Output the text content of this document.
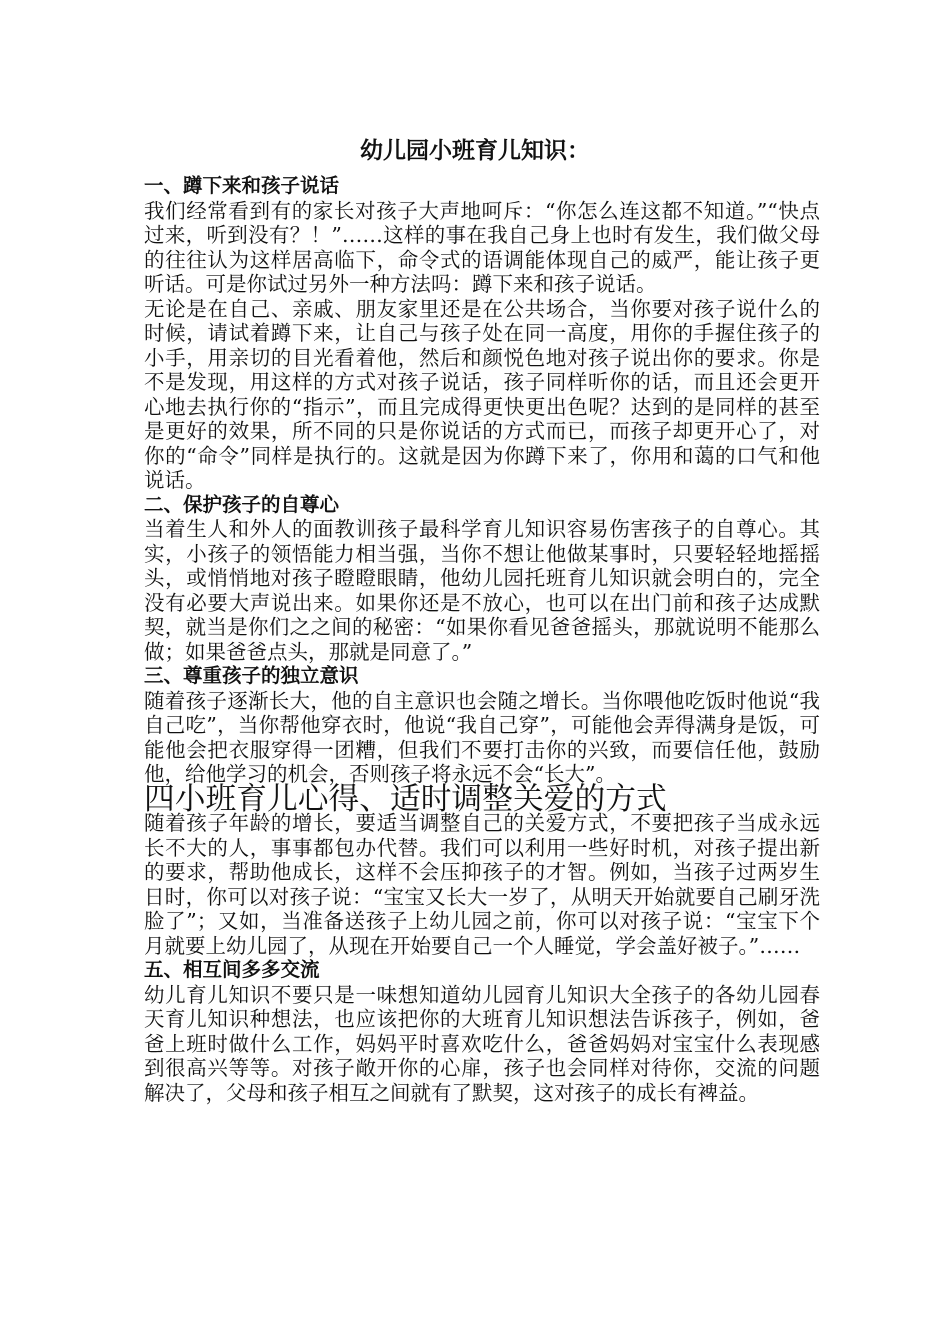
幼儿园小班育儿知识：
一、蹲下来和孩子说话

我们经常看到有的家长对孩子大声地呵斥：“你怎么连这都不知道。”“快点过来，听到没有？！”……这样的事在我自己身上也时有发生，我们做父母的往往认为这样居高临下，命令式的语调能体现自己的威严，能让孩子更听话。可是你试过另外一种方法吗：蹲下来和孩子说话。

无论是在自己、亲戚、朋友家里还是在公共场合，当你要对孩子说什么的时候，请试着蹲下来，让自己与孩子处在同一高度，用你的手握住孩子的小手，用亲切的目光看着他，然后和颜悦色地对孩子说出你的要求。你是不是发现，用这样的方式对孩子说话，孩子同样听你的话，而且还会更开心地去执行你的“指示”，而且完成得更快更出色呢？达到的是同样的甚至是更好的效果，所不同的只是你说话的方式而已，而孩子却更开心了，对你的“命令”同样是执行的。这就是因为你蹲下来了，你用和蔼的口气和他说话。

二、保护孩子的自尊心

当着生人和外人的面教训孩子最科学育儿知识容易伤害孩子的自尊心。其实，小孩子的领悟能力相当强，当你不想让他做某事时，只要轻轻地摇摇头，或悄悄地对孩子瞪瞪眼睛，他幼儿园托班育儿知识就会明白的，完全没有必要大声说出来。如果你还是不放心，也可以在出门前和孩子达成默契，就当是你们之之间的秘密：“如果你看见爸爸摇头，那就说明不能那么做；如果爸爸点头，那就是同意了。”

三、尊重孩子的独立意识

随着孩子逐渐长大，他的自主意识也会随之增长。当你喂他吃饭时他说“我自己吃”，当你帮他穿衣时，他说“我自己穿”，可能他会弄得满身是饭，可能他会把衣服穿得一团糟，但我们不要打击你的兴致，而要信任他，鼓励他，给他学习的机会，否则孩子将永远不会“长大”。

四小班育儿心得、适时调整关爱的方式

随着孩子年龄的增长，要适当调整自己的关爱方式，不要把孩子当成永远长不大的人，事事都包办代替。我们可以利用一些好时机，对孩子提出新的要求，帮助他成长，这样不会压抑孩子的才智。例如，当孩子过两岁生日时，你可以对孩子说：“宝宝又长大一岁了，从明天开始就要自己刷牙洗脸了”；又如，当准备送孩子上幼儿园之前，你可以对孩子说：“宝宝下个月就要上幼儿园了，从现在开始要自己一个人睡觉，学会盖好被子。”……

五、相互间多多交流

幼儿育儿知识不要只是一味想知道幼儿园育儿知识大全孩子的各幼儿园春天育儿知识种想法，也应该把你的大班育儿知识想法告诉孩子，例如，爸爸上班时做什么工作，妈妈平时喜欢吃什么，爸爸妈妈对宝宝什么表现感到很高兴等等。对孩子敞开你的心扉，孩子也会同样对待你，交流的问题解决了，父母和孩子相互之间就有了默契，这对孩子的成长有裨益。
